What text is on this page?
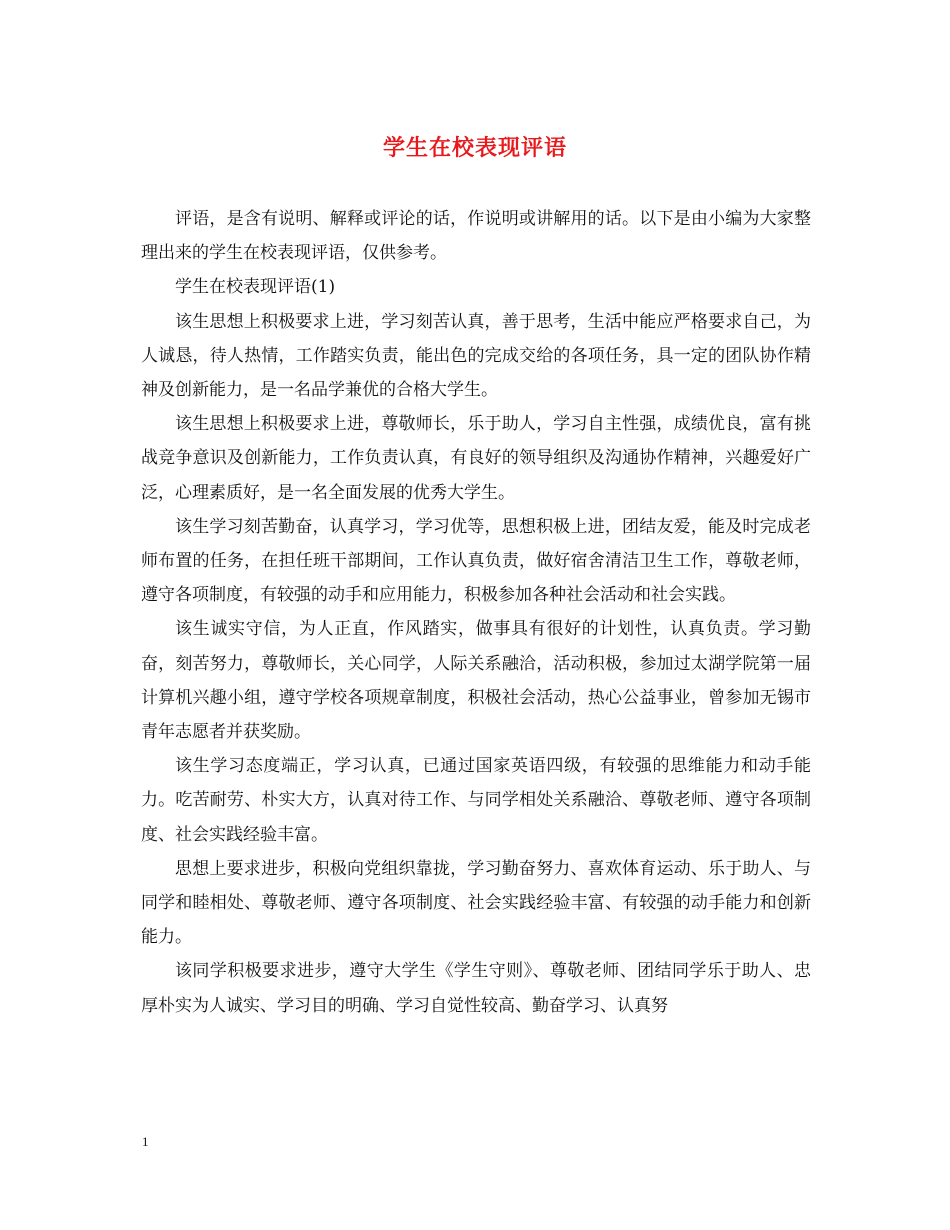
学生在校表现评语

评语，是含有说明、解释或评论的话，作说明或讲解用的话。以下是由小编为大家整理出来的学生在校表现评语，仅供参考。

学生在校表现评语(1)

该生思想上积极要求上进，学习刻苦认真，善于思考，生活中能应严格要求自己，为人诚恳，待人热情，工作踏实负责，能出色的完成交给的各项任务，具一定的团队协作精神及创新能力，是一名品学兼优的合格大学生。

该生思想上积极要求上进，尊敬师长，乐于助人，学习自主性强，成绩优良，富有挑战竞争意识及创新能力，工作负责认真，有良好的领导组织及沟通协作精神，兴趣爱好广泛，心理素质好，是一名全面发展的优秀大学生。

该生学习刻苦勤奋，认真学习，学习优等，思想积极上进，团结友爱，能及时完成老师布置的任务，在担任班干部期间，工作认真负责，做好宿舍清洁卫生工作，尊敬老师，遵守各项制度，有较强的动手和应用能力，积极参加各种社会活动和社会实践。

该生诚实守信，为人正直，作风踏实，做事具有很好的计划性，认真负责。学习勤奋，刻苦努力，尊敬师长，关心同学，人际关系融洽，活动积极，参加过太湖学院第一届计算机兴趣小组，遵守学校各项规章制度，积极社会活动，热心公益事业，曾参加无锡市青年志愿者并获奖励。

该生学习态度端正，学习认真，已通过国家英语四级，有较强的思维能力和动手能力。吃苦耐劳、朴实大方，认真对待工作、与同学相处关系融洽、尊敬老师、遵守各项制度、社会实践经验丰富。

思想上要求进步，积极向党组织靠拢，学习勤奋努力、喜欢体育运动、乐于助人、与同学和睦相处、尊敬老师、遵守各项制度、社会实践经验丰富、有较强的动手能力和创新能力。

该同学积极要求进步，遵守大学生《学生守则》、尊敬老师、团结同学乐于助人、忠厚朴实为人诚实、学习目的明确、学习自觉性较高、勤奋学习、认真努

1
